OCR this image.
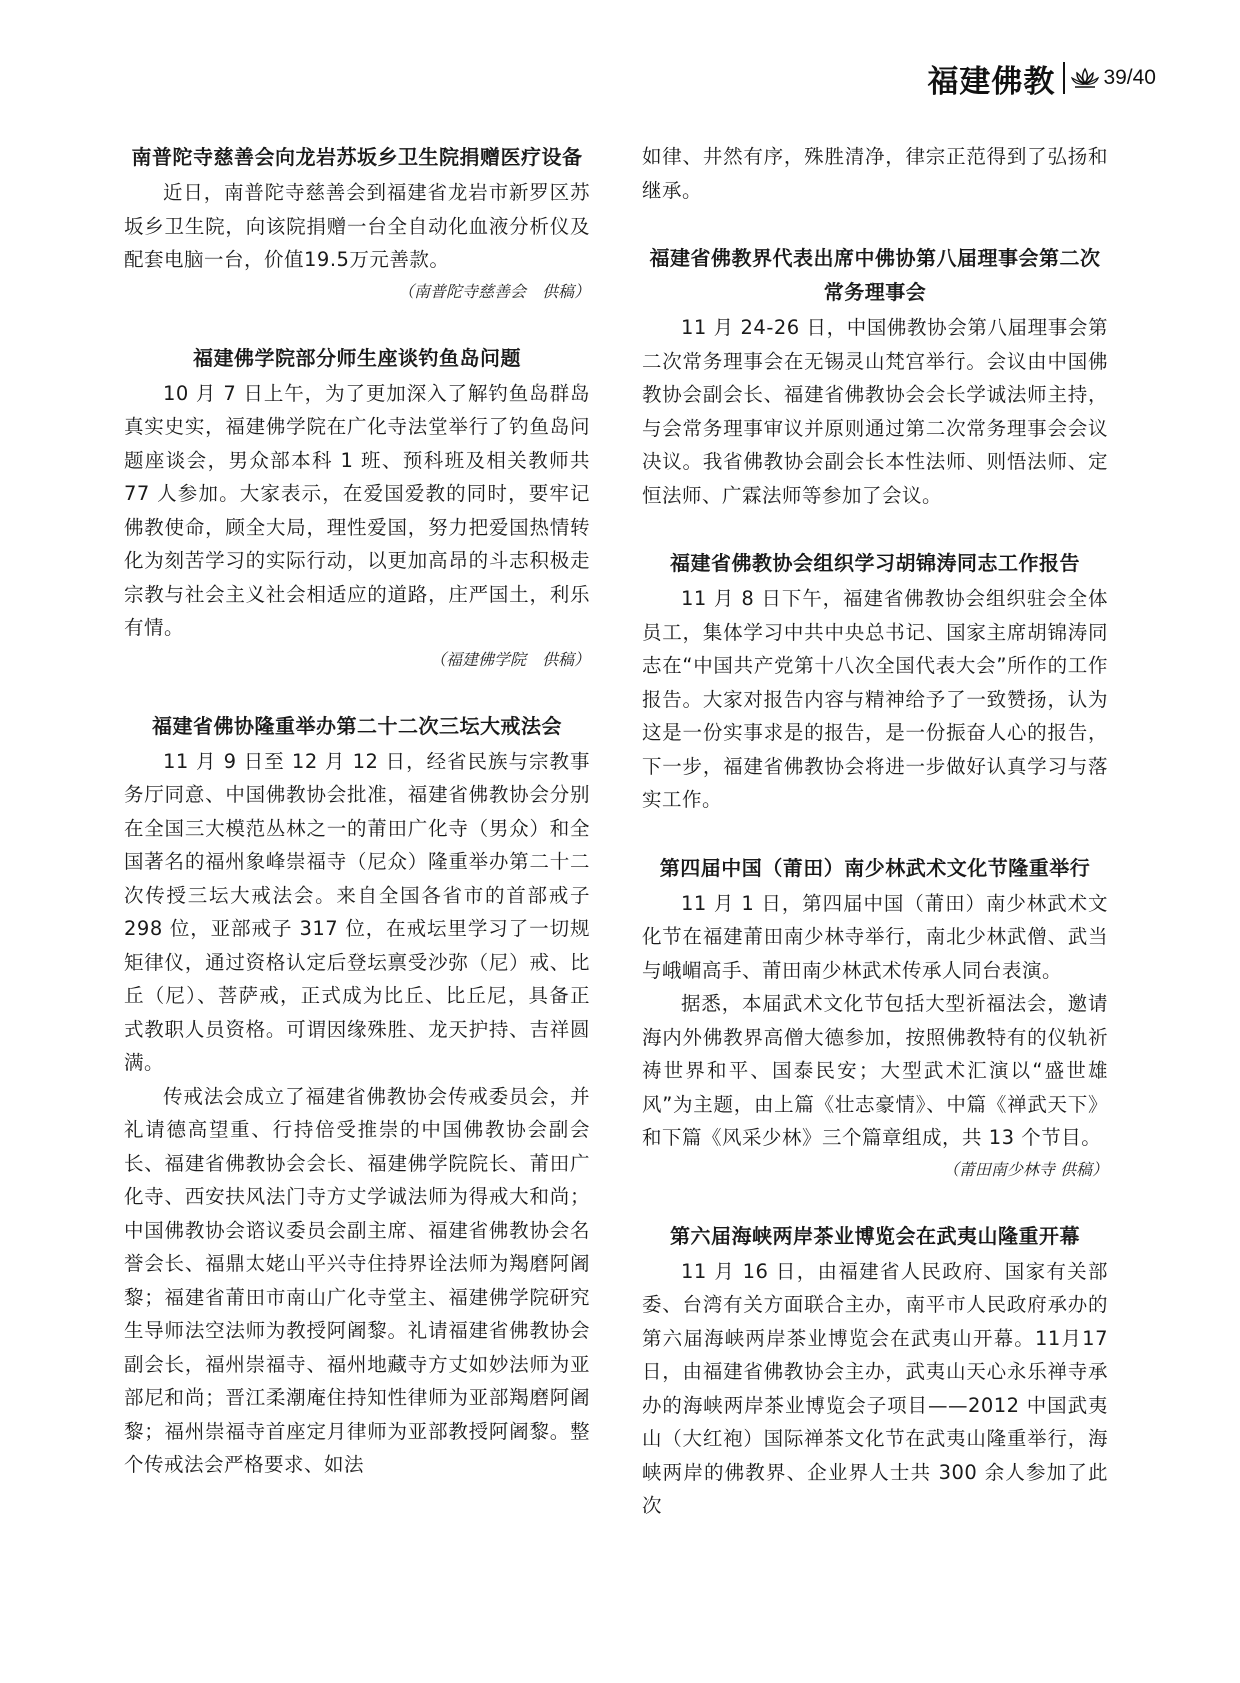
福建佛教 39/40
南普陀寺慈善会向龙岩苏坂乡卫生院捐赠医疗设备

近日，南普陀寺慈善会到福建省龙岩市新罗区苏坂乡卫生院，向该院捐赠一台全自动化血液分析仪及配套电脑一台，价值19.5万元善款。

（南普陀寺慈善会　供稿）
福建佛学院部分师生座谈钓鱼岛问题

10 月 7 日上午，为了更加深入了解钓鱼岛群岛真实史实，福建佛学院在广化寺法堂举行了钓鱼岛问题座谈会，男众部本科 1 班、预科班及相关教师共 77 人参加。大家表示，在爱国爱教的同时，要牢记佛教使命，顾全大局，理性爱国，努力把爱国热情转化为刻苦学习的实际行动，以更加高昂的斗志积极走宗教与社会主义社会相适应的道路，庄严国土，利乐有情。

（福建佛学院　供稿）
福建省佛协隆重举办第二十二次三坛大戒法会

11 月 9 日至 12 月 12 日，经省民族与宗教事务厅同意、中国佛教协会批准，福建省佛教协会分别在全国三大模范丛林之一的莆田广化寺（男众）和全国著名的福州象峰崇福寺（尼众）隆重举办第二十二次传授三坛大戒法会。来自全国各省市的首部戒子 298 位，亚部戒子 317 位，在戒坛里学习了一切规矩律仪，通过资格认定后登坛禀受沙弥（尼）戒、比丘（尼）、菩萨戒，正式成为比丘、比丘尼，具备正式教职人员资格。可谓因缘殊胜、龙天护持、吉祥圆满。

传戒法会成立了福建省佛教协会传戒委员会，并礼请德高望重、行持倍受推崇的中国佛教协会副会长、福建省佛教协会会长、福建佛学院院长、莆田广化寺、西安扶风法门寺方丈学诚法师为得戒大和尚；中国佛教协会谘议委员会副主席、福建省佛教协会名誉会长、福鼎太姥山平兴寺住持界诠法师为羯磨阿阇黎；福建省莆田市南山广化寺堂主、福建佛学院研究生导师法空法师为教授阿阇黎。礼请福建省佛教协会副会长，福州崇福寺、福州地藏寺方丈如妙法师为亚部尼和尚；晋江柔潮庵住持知性律师为亚部羯磨阿阇黎；福州崇福寺首座定月律师为亚部教授阿阇黎。整个传戒法会严格要求、如法

如律、井然有序，殊胜清净，律宗正范得到了弘扬和继承。

福建省佛教界代表出席中佛协第八届理事会第二次常务理事会

11 月 24-26 日，中国佛教协会第八届理事会第二次常务理事会在无锡灵山梵宫举行。会议由中国佛教协会副会长、福建省佛教协会会长学诚法师主持，与会常务理事审议并原则通过第二次常务理事会会议决议。我省佛教协会副会长本性法师、则悟法师、定恒法师、广霖法师等参加了会议。

福建省佛教协会组织学习胡锦涛同志工作报告

11 月 8 日下午，福建省佛教协会组织驻会全体员工，集体学习中共中央总书记、国家主席胡锦涛同志在“中国共产党第十八次全国代表大会”所作的工作报告。大家对报告内容与精神给予了一致赞扬，认为这是一份实事求是的报告，是一份振奋人心的报告，下一步，福建省佛教协会将进一步做好认真学习与落实工作。

第四届中国（莆田）南少林武术文化节隆重举行

11 月 1 日，第四届中国（莆田）南少林武术文化节在福建莆田南少林寺举行，南北少林武僧、武当与峨嵋高手、莆田南少林武术传承人同台表演。

据悉，本届武术文化节包括大型祈福法会，邀请海内外佛教界高僧大德参加，按照佛教特有的仪轨祈祷世界和平、国泰民安；大型武术汇演以“盛世雄风”为主题，由上篇《壮志豪情》、中篇《禅武天下》和下篇《风采少林》三个篇章组成，共 13 个节目。

（莆田南少林寺 供稿）
第六届海峡两岸茶业博览会在武夷山隆重开幕

11 月 16 日，由福建省人民政府、国家有关部委、台湾有关方面联合主办，南平市人民政府承办的第六届海峡两岸茶业博览会在武夷山开幕。11月17日，由福建省佛教协会主办，武夷山天心永乐禅寺承办的海峡两岸茶业博览会子项目——2012 中国武夷山（大红袍）国际禅茶文化节在武夷山隆重举行，海峡两岸的佛教界、企业界人士共 300 余人参加了此次
